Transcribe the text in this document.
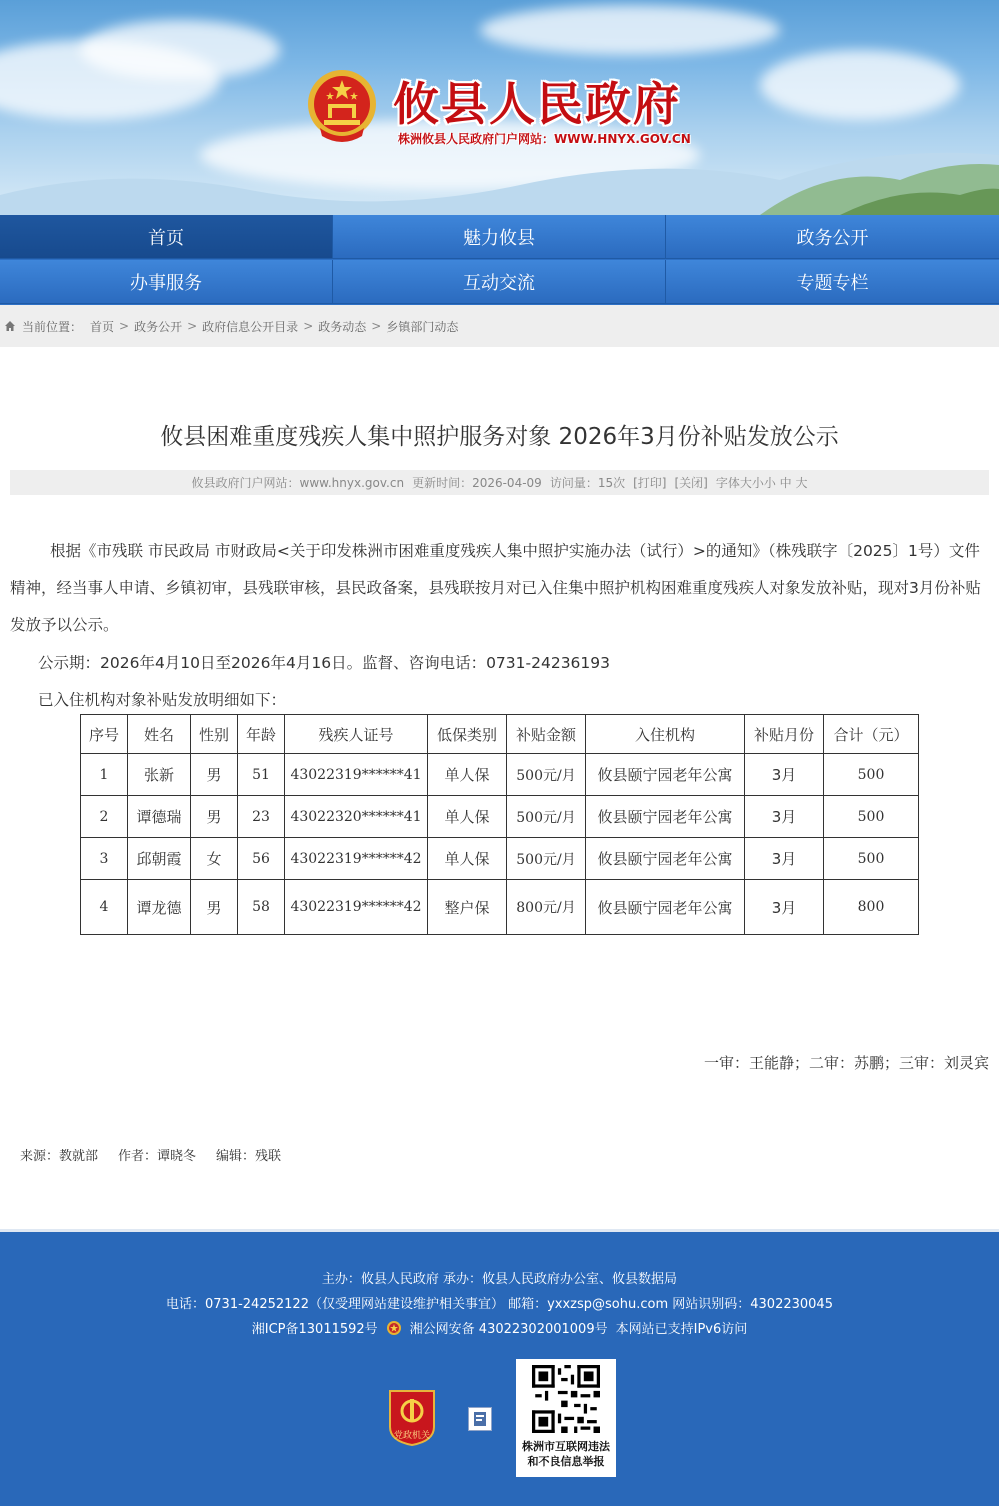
攸县人民政府
株洲攸县人民政府门户网站：WWW.HNYX.GOV.CN
首页	魅力攸县	政务公开
办事服务	互动交流	专题专栏
当前位置： 首页 > 政务公开 > 政府信息公开目录 > 政务动态 > 乡镇部门动态
攸县困难重度残疾人集中照护服务对象 2026年3月份补贴发放公示
攸县政府门户网站：www.hnyx.gov.cn 更新时间：2026-04-09 访问量：15次 [打印] [关闭] 字体大小小 中 大

根据《市残联 市民政局 市财政局<关于印发株洲市困难重度残疾人集中照护实施办法（试行）>的通知》（株残联字〔2025〕1号）文件精神，经当事人申请、乡镇初审，县残联审核，县民政备案，县残联按月对已入住集中照护机构困难重度残疾人对象发放补贴，现对3月份补贴发放予以公示。

公示期：2026年4月10日至2026年4月16日。监督、咨询电话：0731-24236193

已入住机构对象补贴发放明细如下：

序号	姓名	性别	年龄	残疾人证号	低保类别	补贴金额	入住机构	补贴月份	合计（元）
1	张新	男	51	43022319******41	单人保	500元/月	攸县颐宁园老年公寓	3月	500
2	谭德瑞	男	23	43022320******41	单人保	500元/月	攸县颐宁园老年公寓	3月	500
3	邱朝霞	女	56	43022319******42	单人保	500元/月	攸县颐宁园老年公寓	3月	500
4	谭龙德	男	58	43022319******42	整户保	800元/月	攸县颐宁园老年公寓	3月	800
一审：王能静；二审：苏鹏；三审：刘灵宾
来源：教就部 作者：谭晓冬 编辑：残联
主办：攸县人民政府 承办：攸县人民政府办公室、攸县数据局
电话：0731-24252122（仅受理网站建设维护相关事宜） 邮箱：yxxzsp@sohu.com 网站识别码：4302230045
湘ICP备13011592号 湘公网安备 43022302001009号 本网站已支持IPv6访问
党政机关
株洲市互联网违法
和不良信息举报
